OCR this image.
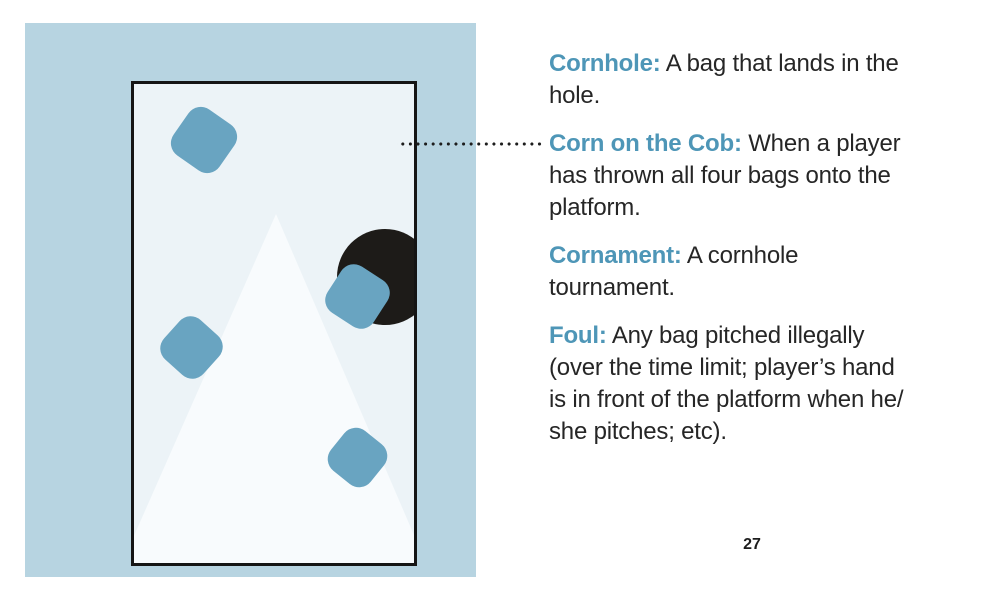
Cornhole: A bag that lands in the hole.

Corn on the Cob: When a player has thrown all four bags onto the platform.

Cornament: A cornhole tournament.

Foul: Any bag pitched illegally (over the time limit; player’s hand is in front of the platform when he/​she pitches; etc).

27
